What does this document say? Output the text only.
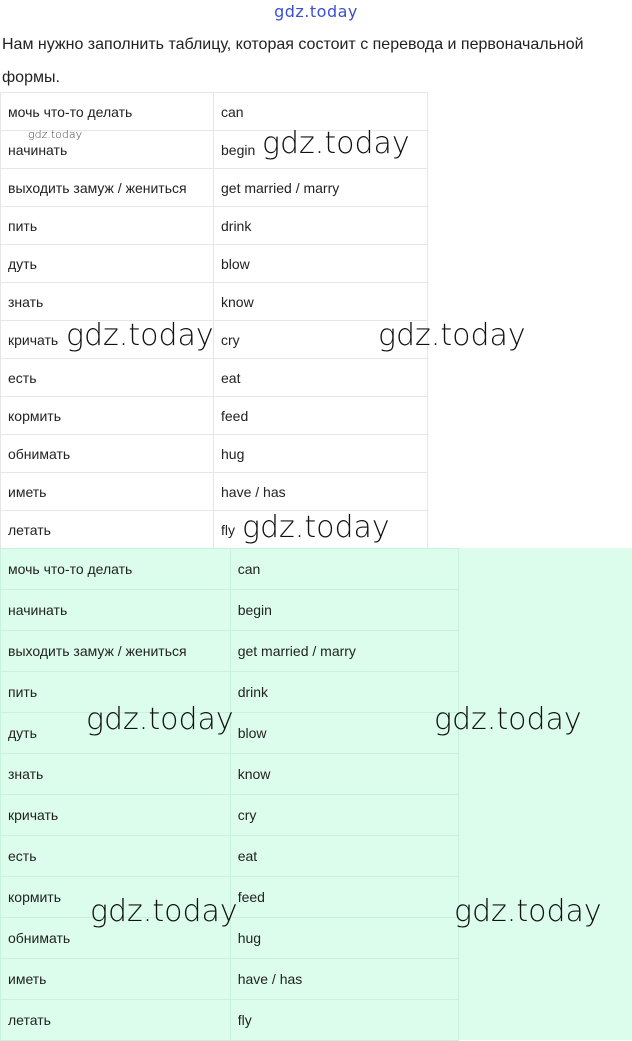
gdz.today
Нам нужно заполнить таблицу, которая состоит с перевода и первоначальной формы.
мочь что-то делать	can
начинать	begin
выходить замуж / жениться	get married / marry
пить	drink
дуть	blow
знать	know
кричать	cry
есть	eat
кормить	feed
обнимать	hug
иметь	have / has
летать	fly
мочь что-то делать	can
начинать	begin
выходить замуж / жениться	get married / marry
пить	drink
дуть	blow
знать	know
кричать	cry
есть	eat
кормить	feed
обнимать	hug
иметь	have / has
летать	fly
gdz.today	gdz.today
gdz.today	gdz.today
gdz.today
gdz.today	gdz.today
gdz.today	gdz.today
